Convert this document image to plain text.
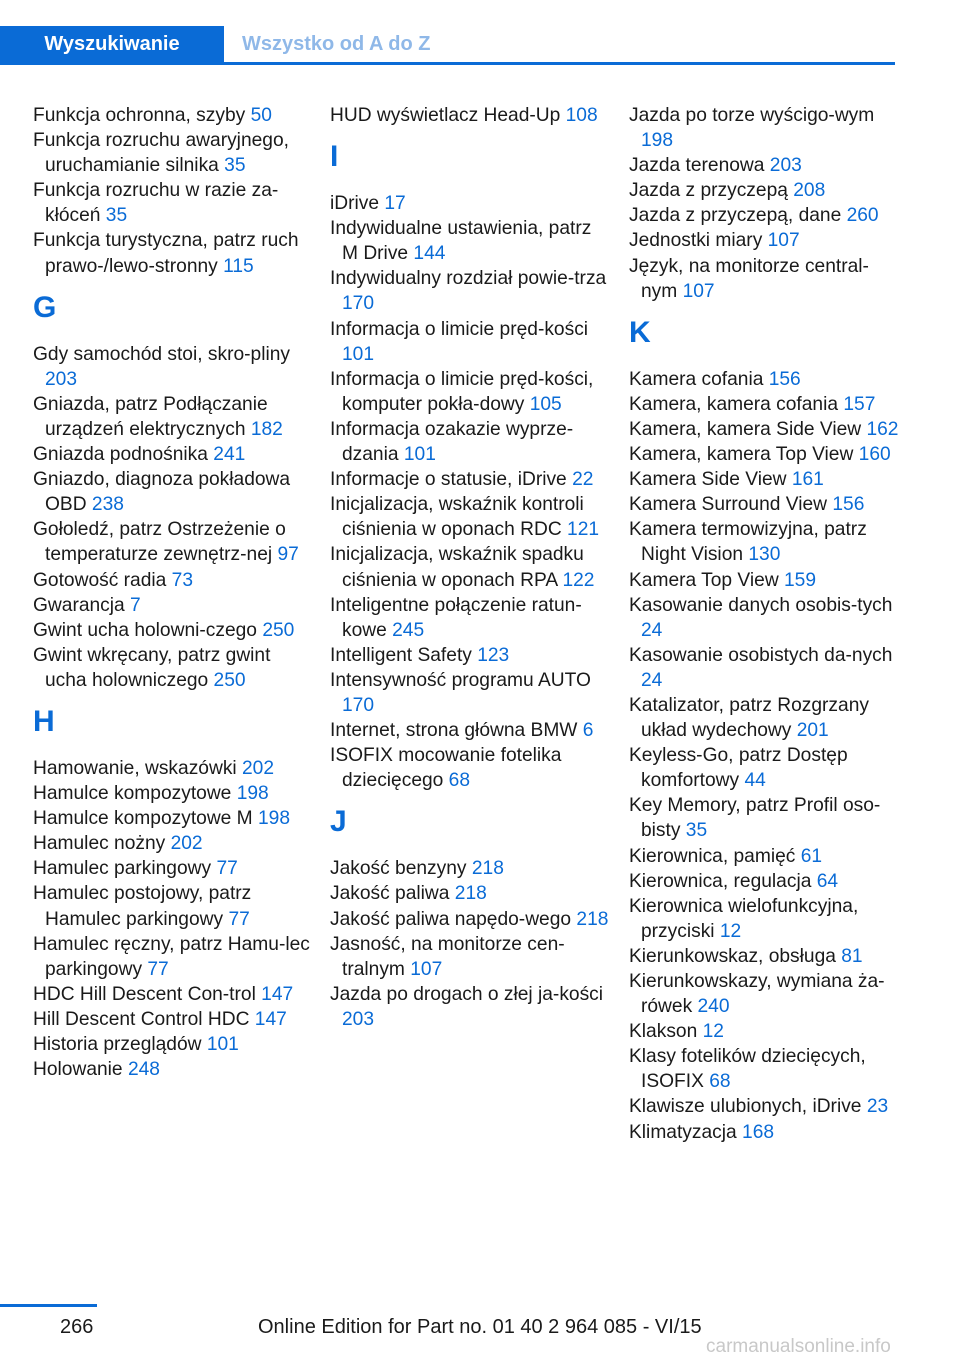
Wyszukiwanie	Wszystko od A do Z
Funkcja ochronna, szyby 50
Funkcja rozruchu awaryjnego, uruchamianie silnika 35
Funkcja rozruchu w razie za‐kłóceń 35
Funkcja turystyczna, patrz ruch prawo-/lewo‐stronny 115
G
Gdy samochód stoi, skro‐pliny 203
Gniazda, patrz Podłączanie urządzeń elektrycznych 182
Gniazda podnośnika 241
Gniazdo, diagnoza pokładowa OBD 238
Gołoledź, patrz Ostrzeżenie o temperaturze zewnętrz‐nej 97
Gotowość radia 73
Gwarancja 7
Gwint ucha holowni‐czego 250
Gwint wkręcany, patrz gwint ucha holowniczego 250
H
Hamowanie, wskazówki 202
Hamulce kompozytowe 198
Hamulce kompozytowe M 198
Hamulec nożny 202
Hamulec parkingowy 77
Hamulec postojowy, patrz Hamulec parkingowy 77
Hamulec ręczny, patrz Hamu‐lec parkingowy 77
HDC Hill Descent Con‐trol 147
Hill Descent Control HDC 147
Historia przeglądów 101
Holowanie 248
HUD wyświetlacz Head-Up 108
I
iDrive 17
Indywidualne ustawienia, patrz M Drive 144
Indywidualny rozdział powie‐trza 170
Informacja o limicie pręd‐kości 101
Informacja o limicie pręd‐kości, komputer pokła‐dowy 105
Informacja ozakazie wyprze‐dzania 101
Informacje o statusie, iDrive 22
Inicjalizacja, wskaźnik kontroli ciśnienia w oponach RDC 121
Inicjalizacja, wskaźnik spadku ciśnienia w oponach RPA 122
Inteligentne połączenie ratun‐kowe 245
Intelligent Safety 123
Intensywność programu AUTO 170
Internet, strona główna BMW 6
ISOFIX mocowanie fotelika dziecięcego 68
J
Jakość benzyny 218
Jakość paliwa 218
Jakość paliwa napędo‐wego 218
Jasność, na monitorze cen‐tralnym 107
Jazda po drogach o złej ja‐kości 203
Jazda po torze wyścigo‐wym 198
Jazda terenowa 203
Jazda z przyczepą 208
Jazda z przyczepą, dane 260
Jednostki miary 107
Język, na monitorze central‐nym 107
K
Kamera cofania 156
Kamera, kamera cofania 157
Kamera, kamera Side View 162
Kamera, kamera Top View 160
Kamera Side View 161
Kamera Surround View 156
Kamera termowizyjna, patrz Night Vision 130
Kamera Top View 159
Kasowanie danych osobis‐tych 24
Kasowanie osobistych da‐nych 24
Katalizator, patrz Rozgrzany układ wydechowy 201
Keyless-Go, patrz Dostęp komfortowy 44
Key Memory, patrz Profil oso‐bisty 35
Kierownica, pamięć 61
Kierownica, regulacja 64
Kierownica wielofunkcyjna, przyciski 12
Kierunkowskaz, obsługa 81
Kierunkowskazy, wymiana ża‐rówek 240
Klakson 12
Klasy fotelików dziecięcych, ISOFIX 68
Klawisze ulubionych, iDrive 23
Klimatyzacja 168
266	Online Edition for Part no. 01 40 2 964 085 - VI/15
carmanualsonline.info
